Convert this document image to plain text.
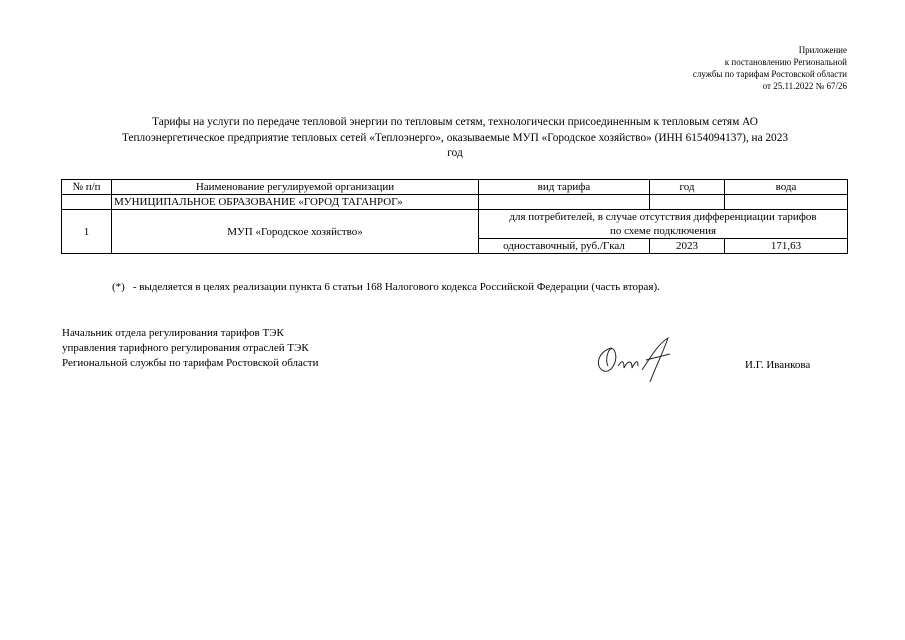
Приложение
к постановлению Региональной
службы по тарифам Ростовской области
от 25.11.2022 № 67/26
Тарифы на услуги по передаче тепловой энергии по тепловым сетям, технологически присоединенным к тепловым сетям АО
Теплоэнергетическое предприятие тепловых сетей «Теплоэнерго», оказываемые МУП «Городское хозяйство» (ИНН 6154094137), на 2023
год
№ п/п	Наименование регулируемой организации	вид тарифа	год	вода
	МУНИЦИПАЛЬНОЕ ОБРАЗОВАНИЕ «ГОРОД ТАГАНРОГ»			
1	МУП «Городское хозяйство»	для потребителей, в случае отсутствия дифференциации тарифов
по схеме подключения		

		одноставочный, руб./Гкал	2023	171,63
(*) - выделяется в целях реализации пункта 6 статьи 168 Налогового кодекса Российской Федерации (часть вторая).
Начальник отдела регулирования тарифов ТЭК
управления тарифного регулирования отраслей ТЭК
Региональной службы по тарифам Ростовской области	И.Г. Иванкова
